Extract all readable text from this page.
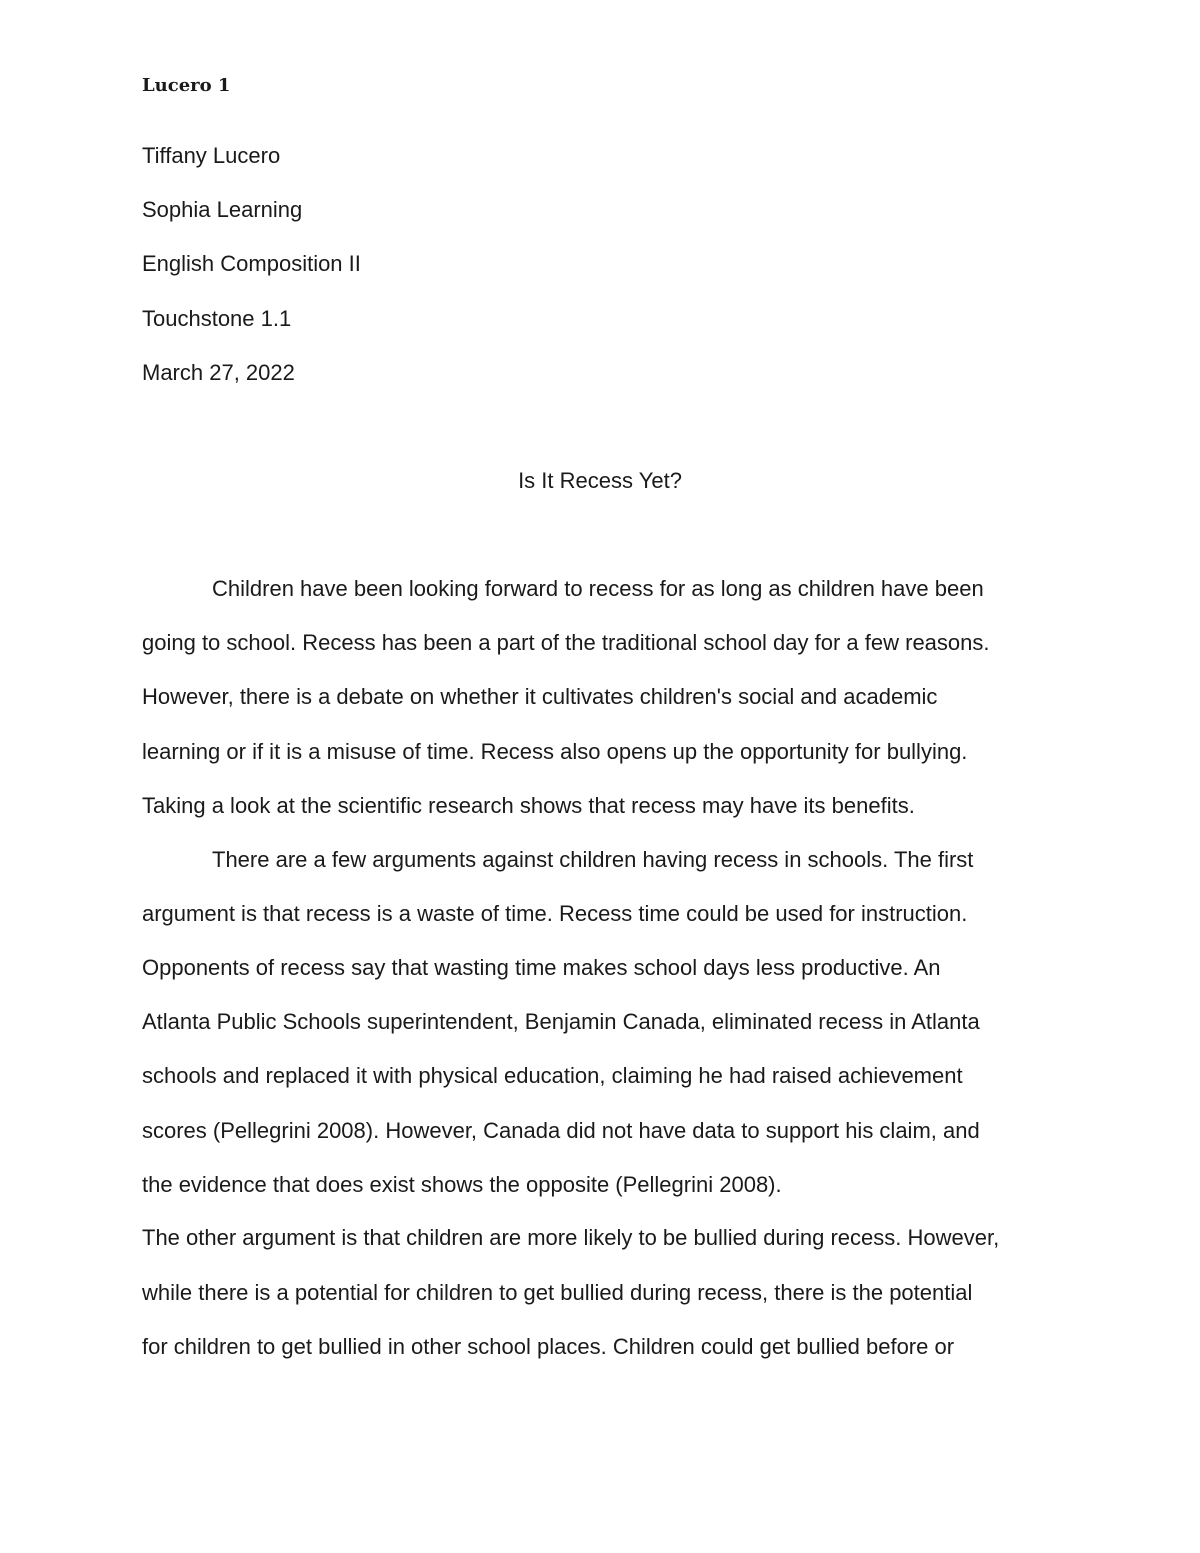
Lucero 1
Tiffany Lucero
Sophia Learning
English Composition II
Touchstone 1.1
March 27, 2022
Is It Recess Yet?
Children have been looking forward to recess for as long as children have been
going to school. Recess has been a part of the traditional school day for a few reasons.
However, there is a debate on whether it cultivates children's social and academic
learning or if it is a misuse of time. Recess also opens up the opportunity for bullying.
Taking a look at the scientific research shows that recess may have its benefits.
There are a few arguments against children having recess in schools. The first
argument is that recess is a waste of time. Recess time could be used for instruction.
Opponents of recess say that wasting time makes school days less productive. An
Atlanta Public Schools superintendent, Benjamin Canada, eliminated recess in Atlanta
schools and replaced it with physical education, claiming he had raised achievement
scores (Pellegrini 2008). However, Canada did not have data to support his claim, and
the evidence that does exist shows the opposite (Pellegrini 2008).
The other argument is that children are more likely to be bullied during recess. However,
while there is a potential for children to get bullied during recess, there is the potential
for children to get bullied in other school places. Children could get bullied before or
